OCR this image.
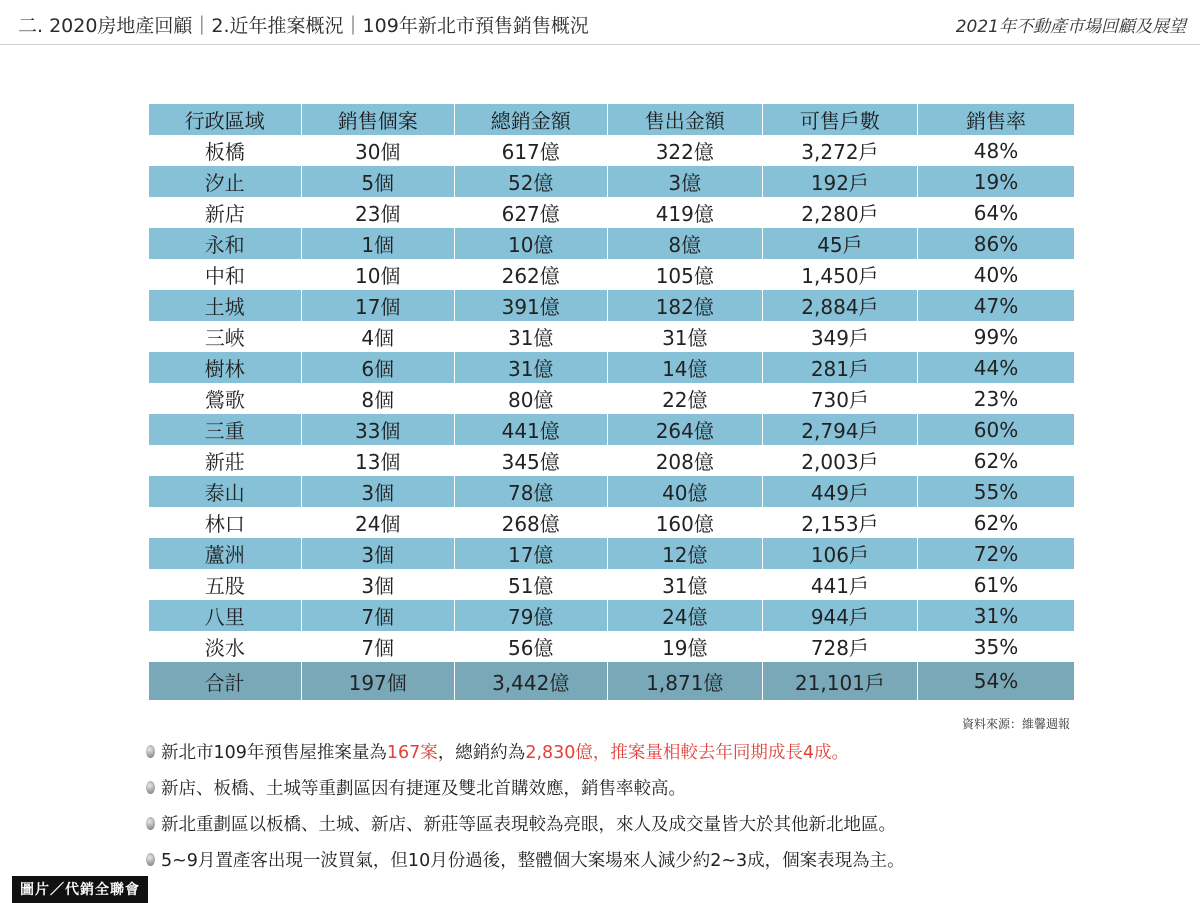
二. 2020房地產回顧｜2.近年推案概況｜109年新北市預售銷售概況	2021年不動產市場回顧及展望
行政區域	銷售個案	總銷金額	售出金額	可售戶數	銷售率
板橋	30個	617億	322億	3,272戶	48%
汐止	5個	52億	3億	192戶	19%
新店	23個	627億	419億	2,280戶	64%
永和	1個	10億	8億	45戶	86%
中和	10個	262億	105億	1,450戶	40%
土城	17個	391億	182億	2,884戶	47%
三峽	4個	31億	31億	349戶	99%
樹林	6個	31億	14億	281戶	44%
鶯歌	8個	80億	22億	730戶	23%
三重	33個	441億	264億	2,794戶	60%
新莊	13個	345億	208億	2,003戶	62%
泰山	3個	78億	40億	449戶	55%
林口	24個	268億	160億	2,153戶	62%
蘆洲	3個	17億	12億	106戶	72%
五股	3個	51億	31億	441戶	61%
八里	7個	79億	24億	944戶	31%
淡水	7個	56億	19億	728戶	35%
合計	197個	3,442億	1,871億	21,101戶	54%
資料來源：維馨週報
新北市109年預售屋推案量為167案，總銷約為2,830億，推案量相較去年同期成長4成。
新店、板橋、土城等重劃區因有捷運及雙北首購效應，銷售率較高。
新北重劃區以板橋、土城、新店、新莊等區表現較為亮眼，來人及成交量皆大於其他新北地區。
5~9月置產客出現一波買氣，但10月份過後，整體個大案場來人減少約2~3成，個案表現為主。
圖片／代銷全聯會
